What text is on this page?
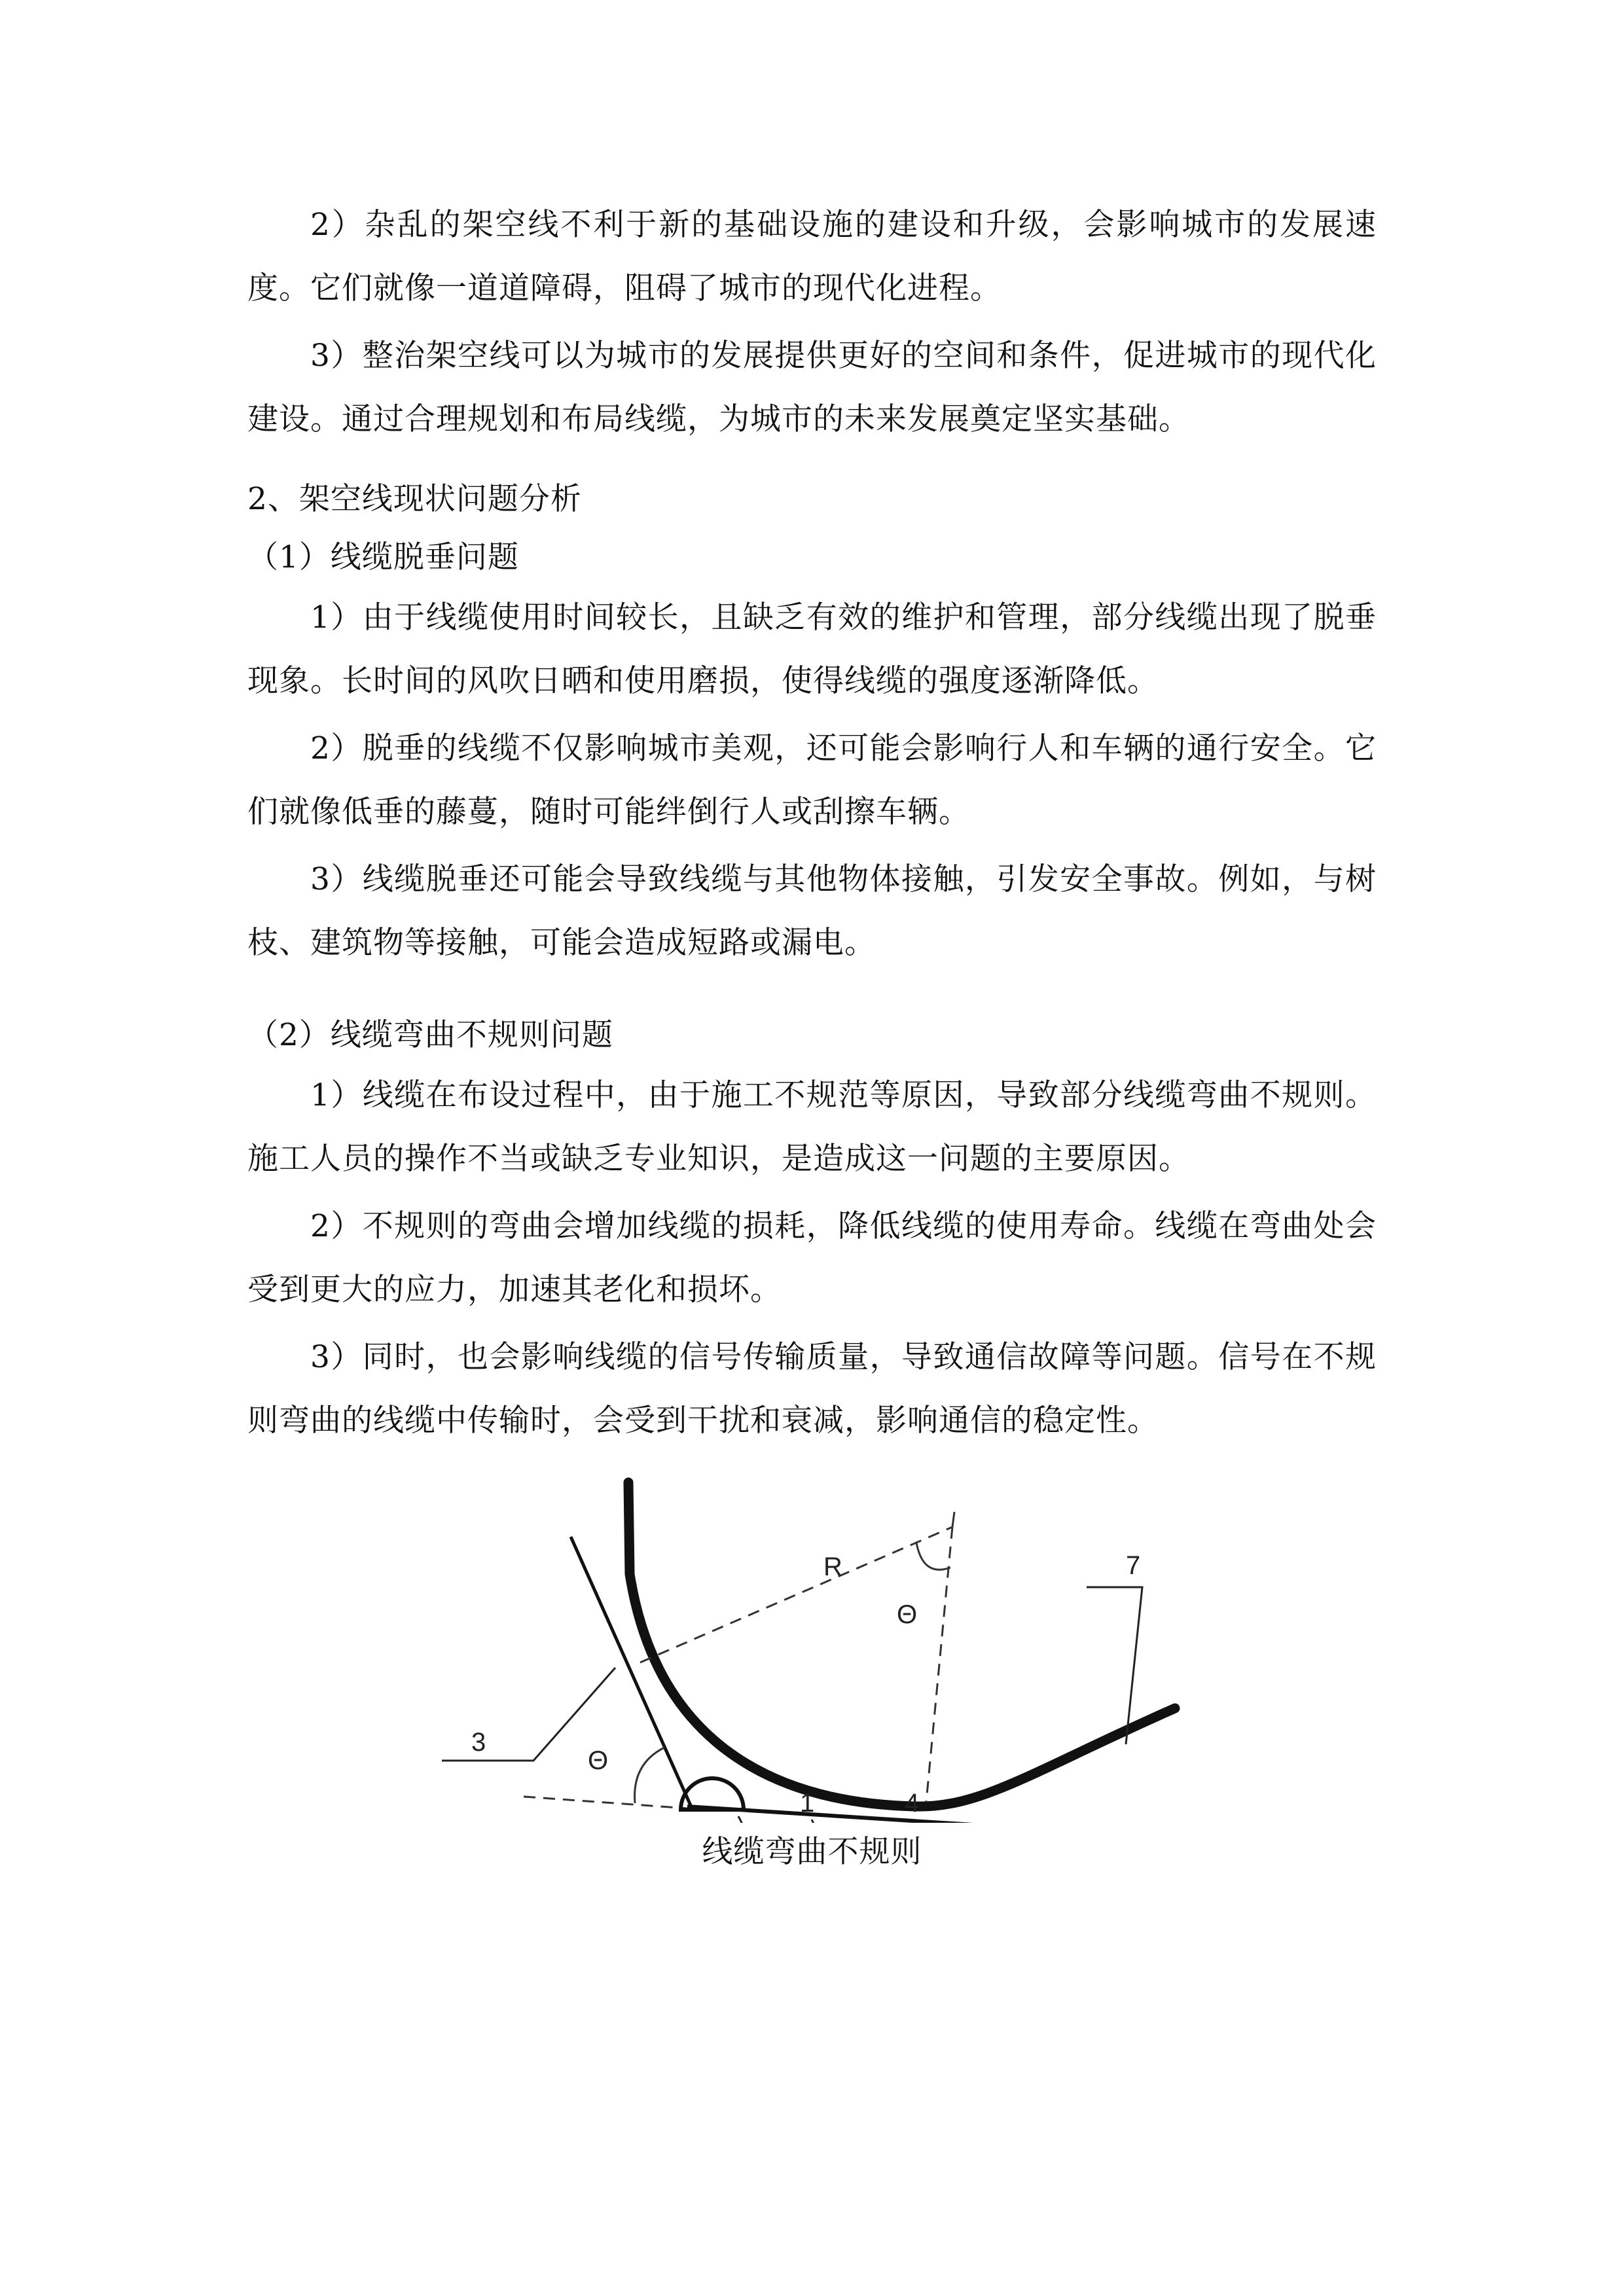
2）杂乱的架空线不利于新的基础设施的建设和升级，会影响城市的发展速度。它们就像一道道障碍，阻碍了城市的现代化进程。

3）整治架空线可以为城市的发展提供更好的空间和条件，促进城市的现代化建设。通过合理规划和布局线缆，为城市的未来发展奠定坚实基础。

2、架空线现状问题分析

（1）线缆脱垂问题

1）由于线缆使用时间较长，且缺乏有效的维护和管理，部分线缆出现了脱垂现象。长时间的风吹日晒和使用磨损，使得线缆的强度逐渐降低。

2）脱垂的线缆不仅影响城市美观，还可能会影响行人和车辆的通行安全。它们就像低垂的藤蔓，随时可能绊倒行人或刮擦车辆。

3）线缆脱垂还可能会导致线缆与其他物体接触，引发安全事故。例如，与树枝、建筑物等接触，可能会造成短路或漏电。

（2）线缆弯曲不规则问题

1）线缆在布设过程中，由于施工不规范等原因，导致部分线缆弯曲不规则。施工人员的操作不当或缺乏专业知识，是造成这一问题的主要原因。

2）不规则的弯曲会增加线缆的损耗，降低线缆的使用寿命。线缆在弯曲处会受到更大的应力，加速其老化和损坏。

3）同时，也会影响线缆的信号传输质量，导致通信故障等问题。信号在不规则弯曲的线缆中传输时，会受到干扰和衰减，影响通信的稳定性。

R
Θ
Θ
3
7
1	4
线缆弯曲不规则
